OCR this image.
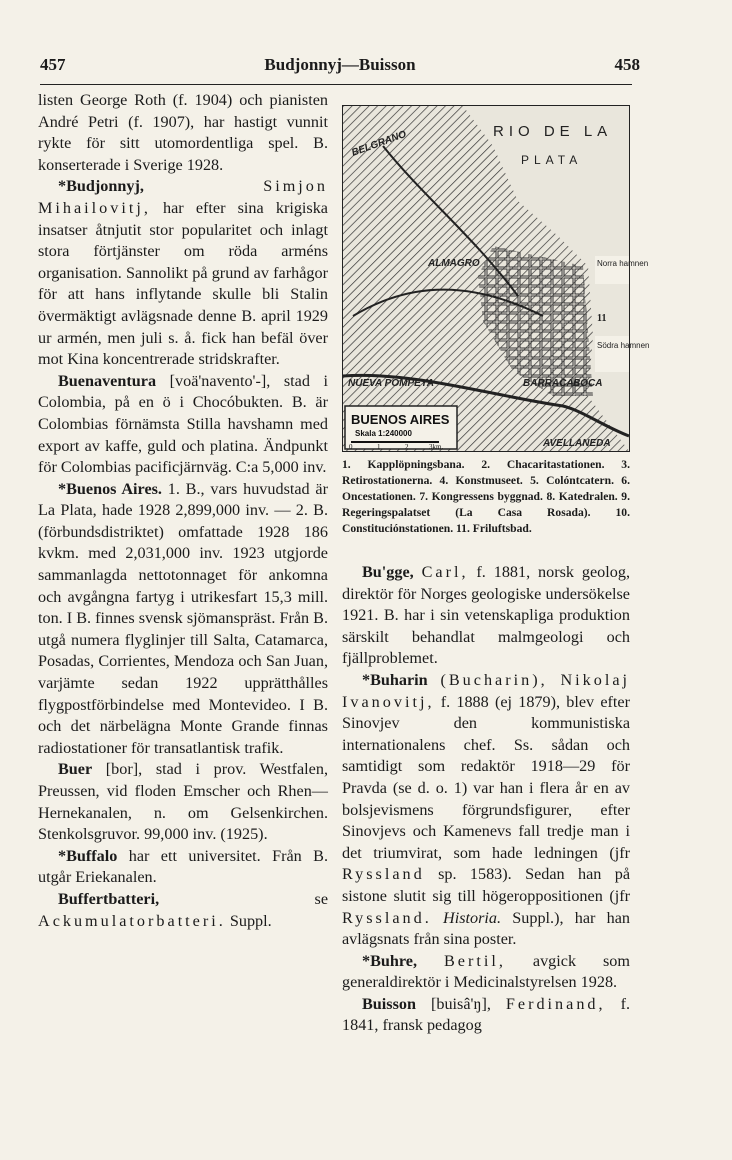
457	Budjonnyj—Buisson	458

listen George Roth (f. 1904) och pianisten André Petri (f. 1907), har hastigt vunnit rykte för sitt utomordentliga spel. B. konserterade i Sverige 1928.

*Budjonnyj,	Simjon Mihailovitj, har efter sina krigiska insatser åtnjutit stor popularitet och inlagt stora förtjänster om röda arméns organisation. Sannolikt på grund av farhågor för att hans inflytande skulle bli Stalin övermäktigt avlägsnade denne B. april 1929 ur armén, men juli s. å. fick han befäl över mot Kina koncentrerade stridskrafter.

Buenaventura [voä'navento'-], stad i Colombia, på en ö i Chocóbukten. B. är Colombias förnämsta Stilla havshamn med export av kaffe, guld och platina. Ändpunkt för Colombias pacificjärnväg. C:a 5,000 inv.

*Buenos Aires. 1. B., vars huvudstad är La Plata, hade 1928 2,899,000 inv. — 2. B. (förbundsdistriktet) omfattade 1928 186 kvkm. med 2,031,000 inv. 1923 utgjorde sammanlagda nettotonnaget för ankomna och avgångna fartyg i utrikesfart 15,3 mill. ton. I B. finnes svensk sjömanspräst. Från B. utgå numera flyglinjer till Salta, Catamarca, Posadas, Corrientes, Mendoza och San Juan, varjämte sedan 1922 upprätthålles flygpostförbindelse med Montevideo. I B. och det närbelägna Monte Grande finnas radiostationer för transatlantisk trafik.

Buer [bor], stad i prov. Westfalen, Preussen, vid floden Emscher och Rhen—Hernekanalen, n. om Gelsenkirchen. Stenkolsgruvor. 99,000 inv. (1925).

*Buffalo har ett universitet. Från B. utgår Eriekanalen.

Buffertbatteri,	se Ackumulatorbatteri. Suppl.

RIO DE LA
PLATA
Norra hamnen
Södra hamnen
BELGRANO
ALMAGRO
NUEVA POMPEYA	BARRACAS
BOCA
AVELLANEDA
11
BUENOS AIRES
Skala 1:240000
0	1	2	3km.
1. Kapplöpningsbana. 2. Chacaritastationen. 3. Retirostationerna. 4. Konstmuseet. 5. Colóntcatern. 6. Oncestationen. 7. Kongressens byggnad. 8. Katedralen. 9. Regeringspalatset (La Casa Rosada). 10. Constituciónstationen. 11. Friluftsbad.

Bu'gge, Carl, f. 1881, norsk geolog, direktör för Norges geologiske undersökelse 1921. B. har i sin vetenskapliga produktion särskilt behandlat malmgeologi och fjällproblemet.

*Buharin (Bucharin), Nikolaj Ivanovitj, f. 1888 (ej 1879), blev efter Sinovjev den kommunistiska internationalens chef. Ss. sådan och samtidigt som redaktör 1918—29 för Pravda (se d. o. 1) var han i flera år en av bolsjevismens förgrundsfigurer, efter Sinovjevs och Kamenevs fall tredje man i det triumvirat, som hade ledningen (jfr Ryssland sp. 1583). Sedan han på sistone slutit sig till högeroppositionen (jfr Ryssland. Historia. Suppl.), har han avlägsnats från sina poster.

*Buhre, Bertil, avgick som generaldirektör i Medicinalstyrelsen 1928.

Buisson [buisâ'ŋ], Ferdinand, f. 1841, fransk pedagog
